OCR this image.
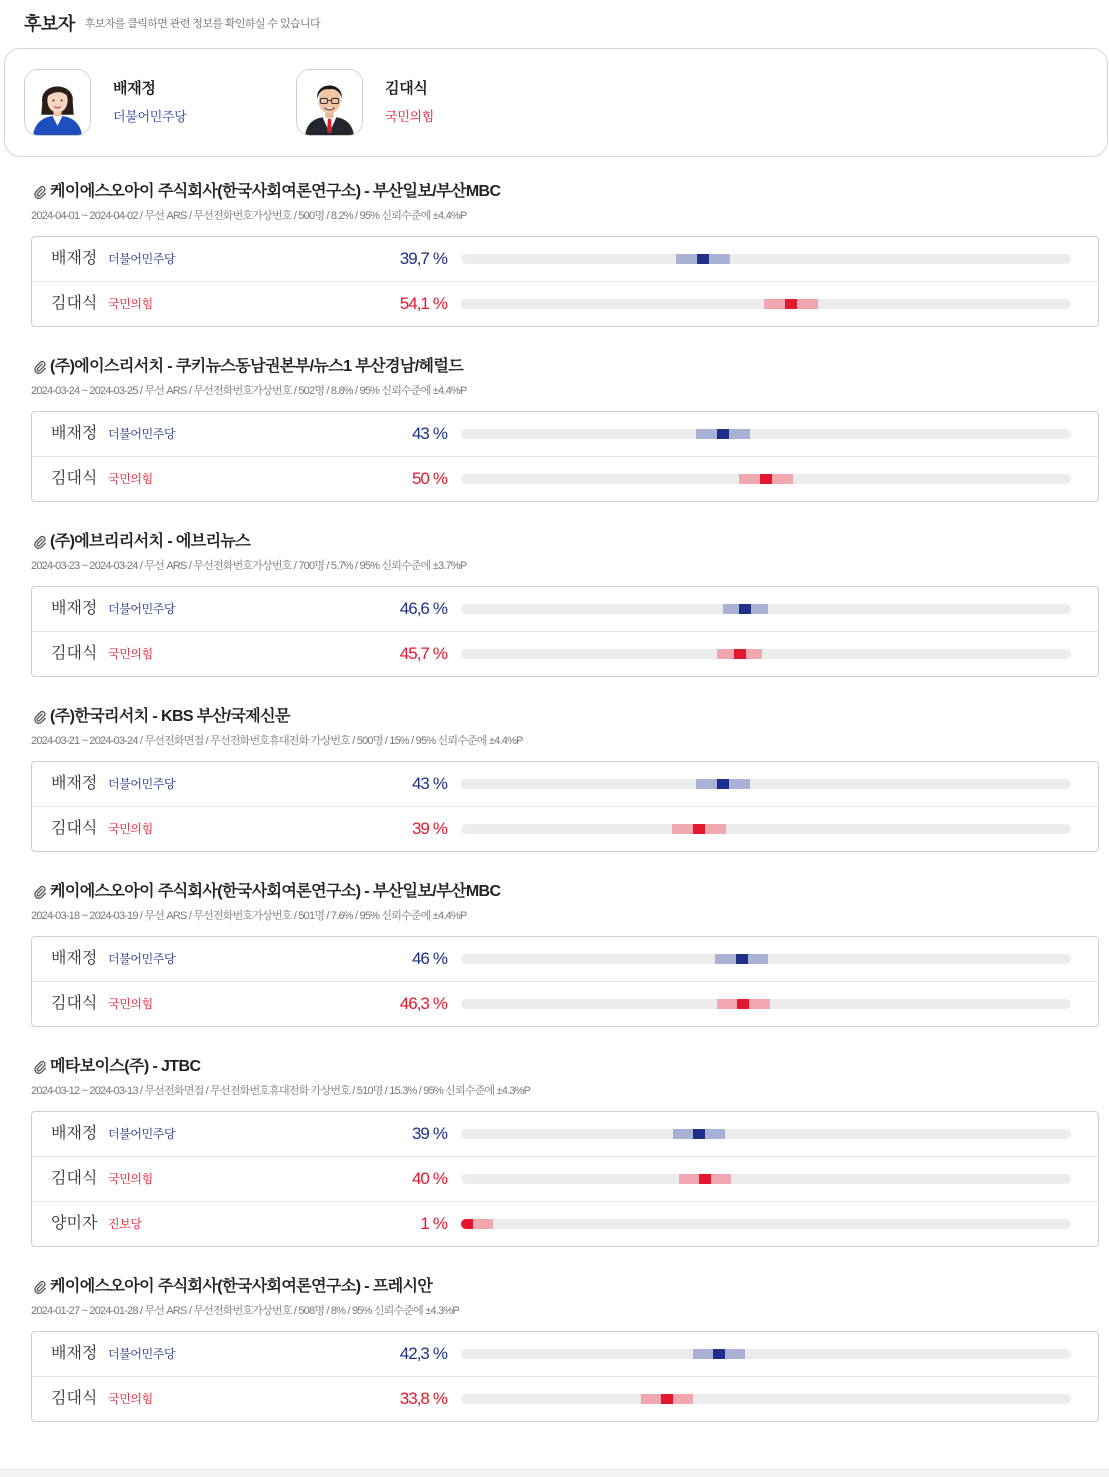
후보자 후보자를 클릭하면 관련 정보를 확인하실 수 있습니다
배재정
더불어민주당
김대식
국민의힘
케이에스오아이 주식회사(한국사회여론연구소) - 부산일보/부산MBC
2024-04-01 ~ 2024-04-02 / 무선 ARS / 무선전화번호가상번호 / 500명 / 8.2% / 95% 신뢰수준에 ±4.4%P
배재정 더불어민주당	39,7 %
김대식 국민의힘	54,1 %
(주)에이스리서치 - 쿠키뉴스동남권본부/뉴스1 부산경남/헤럴드
2024-03-24 ~ 2024-03-25 / 무선 ARS / 무선전화번호가상번호 / 502명 / 8.8% / 95% 신뢰수준에 ±4.4%P
배재정 더불어민주당	43 %
김대식 국민의힘	50 %
(주)에브리리서치 - 에브리뉴스
2024-03-23 ~ 2024-03-24 / 무선 ARS / 무선전화번호가상번호 / 700명 / 5.7% / 95% 신뢰수준에 ±3.7%P
배재정 더불어민주당	46,6 %
김대식 국민의힘	45,7 %
(주)한국리서치 - KBS 부산/국제신문
2024-03-21 ~ 2024-03-24 / 무선전화면접 / 무선전화번호휴대전화 가상번호 / 500명 / 15% / 95% 신뢰수준에 ±4.4%P
배재정 더불어민주당	43 %
김대식 국민의힘	39 %
케이에스오아이 주식회사(한국사회여론연구소) - 부산일보/부산MBC
2024-03-18 ~ 2024-03-19 / 무선 ARS / 무선전화번호가상번호 / 501명 / 7.6% / 95% 신뢰수준에 ±4.4%P
배재정 더불어민주당	46 %
김대식 국민의힘	46,3 %
메타보이스(주) - JTBC
2024-03-12 ~ 2024-03-13 / 무선전화면접 / 무선전화번호휴대전화 가상번호 / 510명 / 15.3% / 95% 신뢰수준에 ±4.3%P
배재정 더불어민주당	39 %
김대식 국민의힘	40 %
양미자 진보당	1 %
케이에스오아이 주식회사(한국사회여론연구소) - 프레시안
2024-01-27 ~ 2024-01-28 / 무선 ARS / 무선전화번호가상번호 / 508명 / 8% / 95% 신뢰수준에 ±4.3%P
배재정 더불어민주당	42,3 %
김대식 국민의힘	33,8 %
